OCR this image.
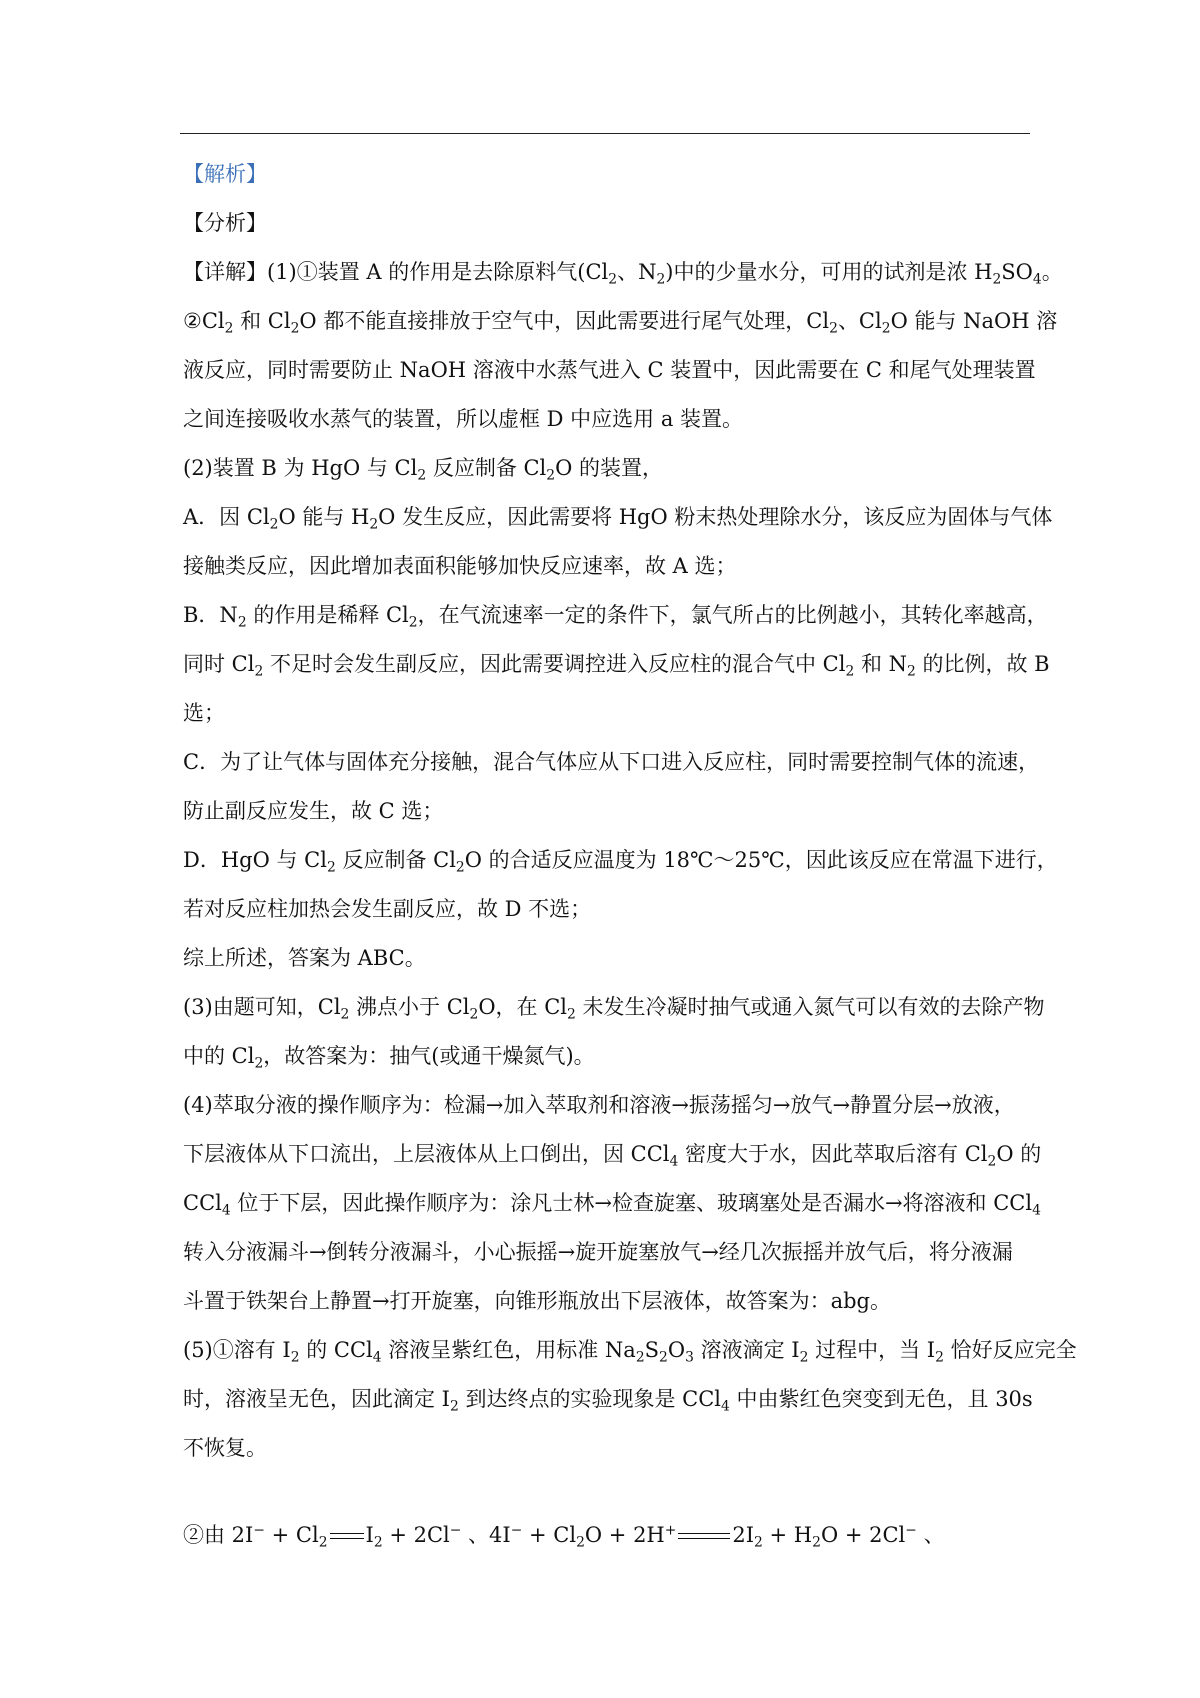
【解析】
【分析】
【详解】(1)①装置 A 的作用是去除原料气($Cl_2$、$N_2$)中的少量水分，可用的试剂是浓 $H_2SO_4$。
$②Cl_2$ 和 $Cl_2O$ 都不能直接排放于空气中，因此需要进行尾气处理，$Cl_2$、$Cl_2O$ 能与 NaOH 溶
液反应，同时需要防止 NaOH 溶液中水蒸气进入 C 装置中，因此需要在 C 和尾气处理装置
之间连接吸收水蒸气的装置，所以虚框 D 中应选用 a 装置。
(2)装置 B 为 HgO 与 $Cl_2$ 反应制备 $Cl_2O$ 的装置，
A．因 $Cl_2O$ 能与 $H_2O$ 发生反应，因此需要将 HgO 粉末热处理除水分，该反应为固体与气体
接触类反应，因此增加表面积能够加快反应速率，故 A 选；
B．$N_2$ 的作用是稀释 $Cl_2$，在气流速率一定的条件下，氯气所占的比例越小，其转化率越高，
同时 $Cl_2$ 不足时会发生副反应，因此需要调控进入反应柱的混合气中 $Cl_2$ 和 $N_2$ 的比例，故 B
选；
C．为了让气体与固体充分接触，混合气体应从下口进入反应柱，同时需要控制气体的流速，
防止副反应发生，故 C 选；
D．HgO 与 $Cl_2$ 反应制备 $Cl_2O$ 的合适反应温度为 18℃～25℃，因此该反应在常温下进行，
若对反应柱加热会发生副反应，故 D 不选；
综上所述，答案为 ABC。
(3)由题可知，$Cl_2$ 沸点小于 $Cl_2O$，在 $Cl_2$ 未发生冷凝时抽气或通入氮气可以有效的去除产物
中的 $Cl_2$，故答案为：抽气(或通干燥氮气)。
(4)萃取分液的操作顺序为：检漏→加入萃取剂和溶液→振荡摇匀→放气→静置分层→放液，
下层液体从下口流出，上层液体从上口倒出，因 CCl$_4$ 密度大于水，因此萃取后溶有 $Cl_2O$ 的
CCl$_4$ 位于下层，因此操作顺序为：涂凡士林→检查旋塞、玻璃塞处是否漏水→将溶液和 CCl$_4$
转入分液漏斗→倒转分液漏斗，小心振摇→旋开旋塞放气→经几次振摇并放气后，将分液漏
斗置于铁架台上静置→打开旋塞，向锥形瓶放出下层液体，故答案为：abg。
(5)①溶有 $I_2$ 的 CCl$_4$ 溶液呈紫红色，用标准 $Na_2S_2O_3$ 溶液滴定 $I_2$ 过程中，当 $I_2$ 恰好反应完全
时，溶液呈无色，因此滴定 $I_2$ 到达终点的实验现象是 CCl$_4$ 中由紫红色突变到无色，且 30s
不恢复。
②由 $2I^- + Cl_2$ $I_2 + 2Cl^-$ 、$4I^- + Cl_2O + 2H^+$	$2I_2 + H_2O + 2Cl^-$ 、
